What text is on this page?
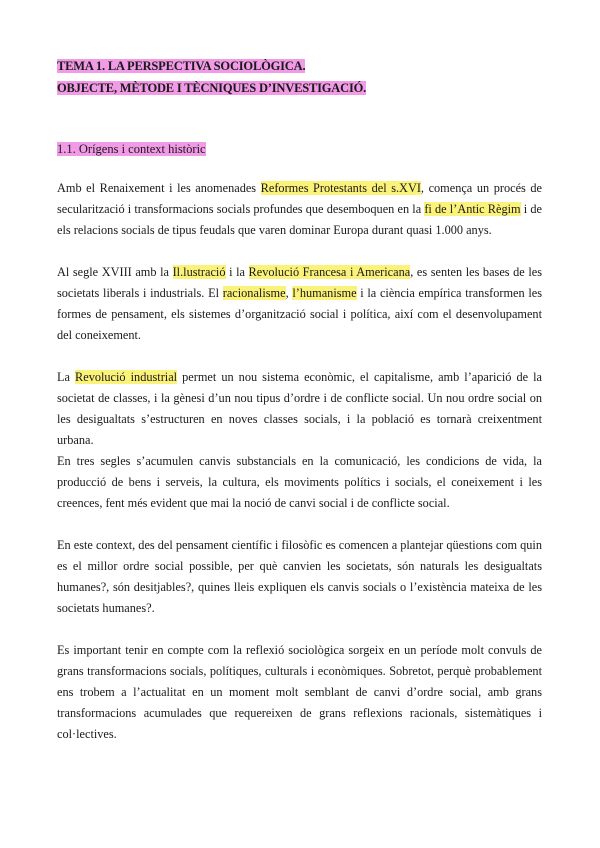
TEMA 1. LA PERSPECTIVA SOCIOLÒGICA.
OBJECTE, MÈTODE I TÈCNIQUES D’INVESTIGACIÓ.
1.1. Orígens i context històric
Amb el Renaixement i les anomenades Reformes Protestants del s.XVI, comença un procés de secularització i transformacions socials profundes que desemboquen en la fi de l’Antic Règim i de els relacions socials de tipus feudals que varen dominar Europa durant quasi 1.000 anys.
Al segle XVIII amb la Il.lustració i la Revolució Francesa i Americana, es senten les bases de les societats liberals i industrials. El racionalisme, l’humanisme i la ciència empírica transformen les formes de pensament, els sistemes d’organització social i política, així com el desenvolupament del coneixement.
La Revolució industrial permet un nou sistema econòmic, el capitalisme, amb l’aparició de la societat de classes, i la gènesi d’un nou tipus d’ordre i de conflicte social. Un nou ordre social on les desigualtats s’estructuren en noves classes socials, i la població es tornarà creixentment urbana.
En tres segles s’acumulen canvis substancials en la comunicació, les condicions de vida, la producció de bens i serveis, la cultura, els moviments polítics i socials, el coneixement i les creences, fent més evident que mai la noció de canvi social i de conflicte social.
En este context, des del pensament científic i filosòfic es comencen a plantejar qüestions com quin es el millor ordre social possible, per què canvien les societats, són naturals les desigualtats humanes?, són desitjables?, quines lleis expliquen els canvis socials o l’existència mateixa de les societats humanes?.
Es important tenir en compte com la reflexió sociològica sorgeix en un període molt convuls de grans transformacions socials, polítiques, culturals i econòmiques. Sobretot, perquè probablement ens trobem a l’actualitat en un moment molt semblant de canvi d’ordre social, amb grans transformacions acumulades que requereixen de grans reflexions racionals, sistemàtiques i col·lectives.
